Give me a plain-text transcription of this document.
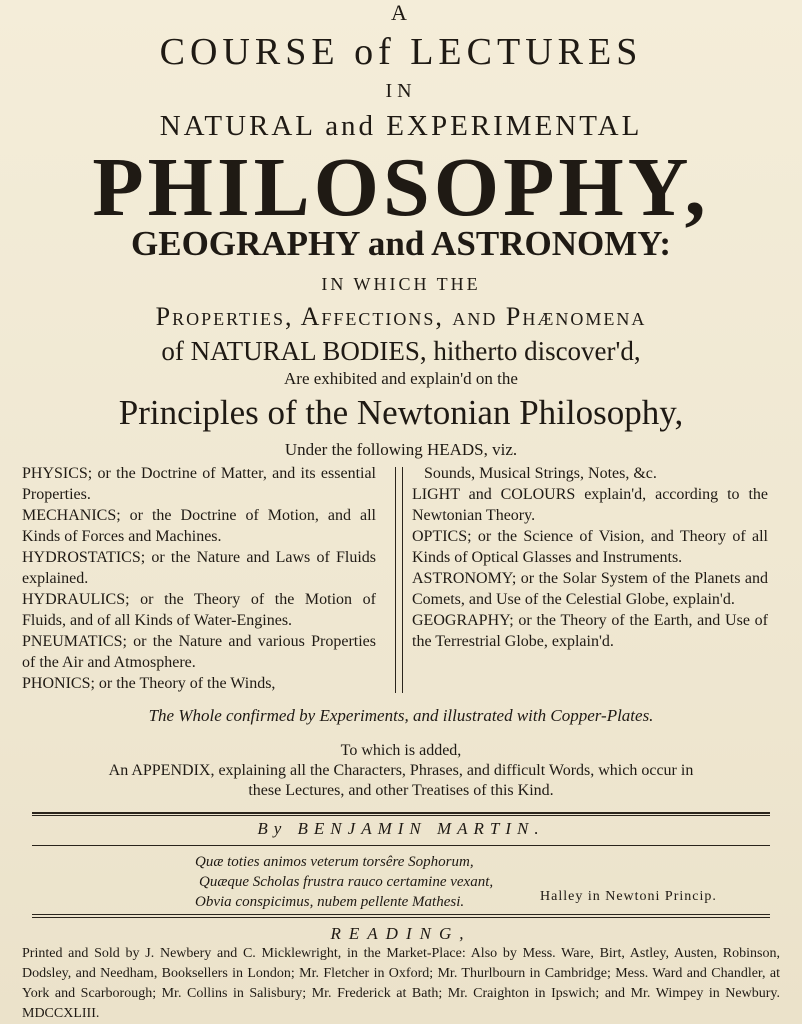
A
COURSE of LECTURES
IN
NATURAL and EXPERIMENTAL
PHILOSOPHY,
GEOGRAPHY and ASTRONOMY:
IN WHICH THE
Properties, Affections, and Phænomena
of NATURAL BODIES, hitherto discover'd,
Are exhibited and explain'd on the
Principles of the Newtonian Philosophy,
Under the following HEADS, viz.

PHYSICS; or the Doctrine of Matter, and its essential Properties.

MECHANICS; or the Doctrine of Motion, and all Kinds of Forces and Machines.

HYDROSTATICS; or the Nature and Laws of Fluids explained.

HYDRAULICS; or the Theory of the Motion of Fluids, and of all Kinds of Water-Engines.

PNEUMATICS; or the Nature and various Properties of the Air and Atmosphere.

PHONICS; or the Theory of the Winds,

Sounds, Musical Strings, Notes, &c.

LIGHT and COLOURS explain'd, according to the Newtonian Theory.

OPTICS; or the Science of Vision, and Theory of all Kinds of Optical Glasses and Instruments.

ASTRONOMY; or the Solar System of the Planets and Comets, and Use of the Celestial Globe, explain'd.

GEOGRAPHY; or the Theory of the Earth, and Use of the Terrestrial Globe, explain'd.

The Whole confirmed by Experiments, and illustrated with Copper-Plates.
To which is added,
An APPENDIX, explaining all the Characters, Phrases, and difficult Words, which occur in
these Lectures, and other Treatises of this Kind.
By BENJAMIN MARTIN.
Quæ toties animos veterum torsêre Sophorum,
Quæque Scholas frustra rauco certamine vexant,
Obvia conspicimus, nubem pellente Mathesi.	Halley in Newtoni Princip.
READING,

Printed and Sold by J. Newbery and C. Micklewright, in the Market-Place: Also by Mess. Ware, Birt, Astley, Austen, Robinson, Dodsley, and Needham, Booksellers in London; Mr. Fletcher in Oxford; Mr. Thurlbourn in Cambridge; Mess. Ward and Chandler, at York and Scarborough; Mr. Collins in Salisbury; Mr. Frederick at Bath; Mr. Craighton in Ipswich; and Mr. Wimpey in Newbury. MDCCXLIII.
